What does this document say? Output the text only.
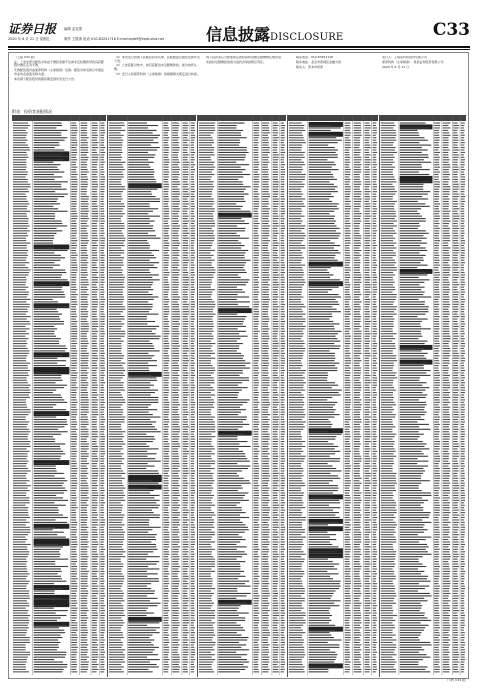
证券日报
2020 年 6 月 21 日 星期五
编辑 孟宪果
制作 王敬涛 电话 010-83251716 E-mail:zqrb9@zqrb.sina.net	信息披露DISCLOSURE	C33

（上接 C32 版）

注：上表中部分配售对象由于缴款金额不足或未及时缴款导致其获配股份被认定为无效，

无效配售股份由保荐机构（主承销商）包销。配售对象名称以中国证券业协会备案名称为准，

本次网下配售股份的限售期安排详见发行公告。

（1）本次发行的网下获配投资者名单、获配数量及限售安排详见下表；

（2）上述获配对象中，如有获配但未足额缴款的，视为放弃认购；

（3）发行人和保荐机构（主承销商）将根据相关规定进行核查。

网下投资者应当按照规定的时间和金额足额缴纳认购资金，

未按时足额缴款的视为违约并承担相应责任。

联系电话：010-83251716

联系地址：北京市西城区金融大街

联系人：资本市场部

发行人：上海某科技股份有限公司

保荐机构（主承销商）：某某证券股份有限公司

2020 年 6 月 21 日

附表：投资者获配情况
（下转 C34 版）
